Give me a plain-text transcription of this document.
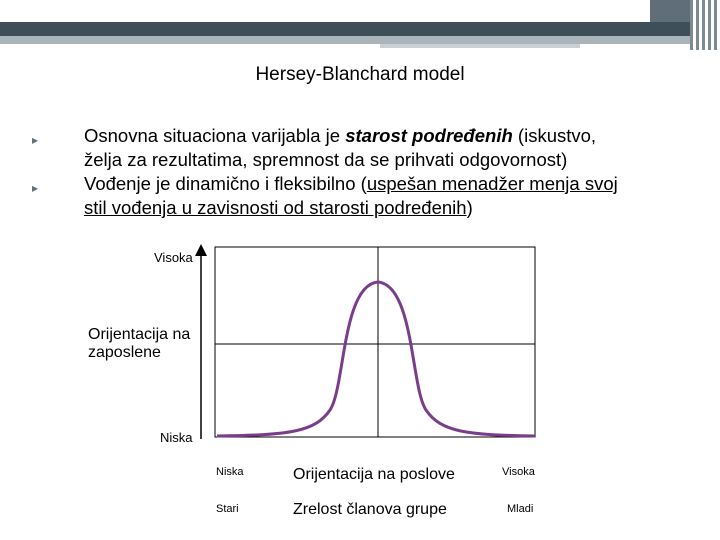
Hersey-Blanchard model
▸	Osnovna situaciona varijabla je starost podređenih (iskustvo,
želja za rezultatima, spremnost da se prihvati odgovornost)
▸	Vođenje je dinamično i fleksibilno (uspešan menadžer menja svoj
stil vođenja u zavisnosti od starosti podređenih)
Visoka
Orijentacija na zaposlene
Niska
Niska	Orijentacija na poslove	Visoka
Stari	Zrelost članova grupe	Mladi
